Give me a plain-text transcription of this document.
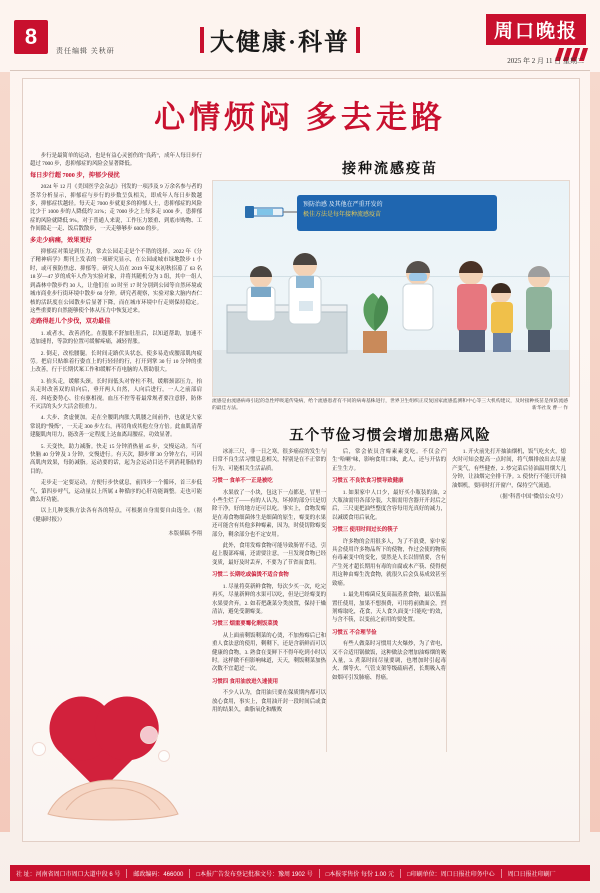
8
责任编辑 关秋研	大健康·科普	周口晚报
2025 年 2 月 11 日 星期二
心情烦闷 多去走路

步行是最简单的运动，也是有益心灵创伤的"良药"，成年人每日步行超过 7000 步，患抑郁症的风险会显著降低。

每日步行超 7000 步，抑郁少侵扰

2024 年 12 月《美国医学会杂志》刊发的一项涉及 9 万余名参与者的荟萃分析显示，抑郁症与步行的步数呈负相关，即成年人每日步数越多，抑郁症状越轻。每天走 7000 步就更多的抑郁人士，患抑郁症的风险比少于 1000 步的人降低约 31%；走 7000 步之上每多走 1000 步，患抑郁症的风险就降低 9%。对于普通人来说，工作压力繁重、到底市购物、工作间隙走一走、饭后散散步，一天走够够步 6000 的步。

多走少病痛，效果更好

抑郁症对策是到压力，常去公园走走是个不错的选择。2022 年《分子精神病学》期刊上发表的一项研究显示，在公园或城市绿地散步 1 小时，或可预防焦虑、抑郁等。研究人员在 2019 年夏末初秋招募了 63 名 18 岁—47 岁的成年人作为实验对象，并将其随机分为 3 组，其中一组人到森林中散步约 30 人，让他们在 10 时至 17 时分别到公园等自然环境或城市商业步行街环境中散步 60 分钟。研究者观察，实验对象大脑内杏仁核的活跃度在公园散步后显著下降，而在城市环境中行走则保持稳定。这些重要的自然能够使个体从压力中恢复过来。

走路得赶儿个步伐，双功最佳

1. 或者水，改善消化。在腹胀不舒加肚肚后，以知道帮助，加速不适加速胃，等款的位置可缓解疼痛，减轻胃胀。

2. 倒走，改松腰腿。长时间走路伏头状态，使多易造成腰部肌肉疲劳。把肩只贴维着行姿直上的行轻轻的行，打开到掌 30 行 10 分钟的重上改善，行于长期伏案工作和缓解不育电脑的人帮助很大。

3. 抬头走，缓解头颈。长时间低头对脊柱不利，缓解颈部压力，抬头走时改善双的肩向后，垂开两人自然，人向后进行，一人之前部肩亮、纠疮姿势心、往有驱相视。血压不控等着最常规者要注意脖，防体不灭活的头少大活会很重力。

4. 大步、贪虚便加。走在全腰肌肉胀大肌腰之间前作，也就是大家常说的"慢炼"，一天走 300 步左右，再切角成其他左身方倍。此血肌清帮建腿肌肉用力，能改善一定程度上达血离局腰症，功效显著。

5. 天变快，助力减脂。快走 15 分钟消热量 45 步，交慢运动。当可快脑 40 分钟及 3 分钟，交慢进行。有天次，脚步窜 30 分钟左右，可因高肌肉效果，每防减脂。运动要的话，起为会运动目达不到消耗脂肪的目的。

走步走一定要运动，方便行步快就息，前四步一个循环，首三步低气、第四步呼气，运动量以上所属 4 种循序的心肝功能调整。走也可能做么好功能。

以上几种变换方法各有各的特点，可根据自身需要自由选全。（据《健康时报》）

本版插稿 李翔
接种流感疫苗
预防治感 及其他在严重开发的
极佳方法是每年接种流感疫苗
流感是由流感病毒引起的急性呼吸道传染病，给个流感患者有不同的病毒基株进行，世界卫生组织正反复国家流感监测和中心等三大机构建议，及时接种疫苗是预防流感的最佳方法。	新华社发 曹一 作
五个节俭习惯会增加患癌风险

冰冻三尺，非一日之寒，很多癌症的发生与日常不良生活习惯息息相关，特别是在不正常的行为、可能相关生活品质。

习惯一 食单不一正是被吃

水果放了一小块，包这下一点都是，冒里一小些生烂了——有的人认为，坏掉的部分只是切除干净，好的地方还可以吃。事实上，食物发霉是在毒食物细菌体生是细菌的原生，霉变的水果还可能含有其他多种霉素，因为，时使切除霉变部分，剩余部分也不定安用。

此外，食用发霉食物可能导致肠胃不适，引起上腹部疼痛，还需要注意，一旦发现食物已经变质，最好及时丢弃，不要为了节省而食用。

习惯二 长期吃或偏烫不适合食物

1. 尽量将莫新鲜食物，每次少买一次，吃完再买，尽量新鲜的水果可以吃，但是已经霉变的水果要舍弃。2. 如若把蔬菜分类放置，保持干燥清洁，避免受潮霉变。

习惯三 烟重要霉化剩饭菜烫

从上面前剩饭剩菜的心烫，不加热霉后已和重人食法意的使用，剩剩下，还是含新鲜而可以健康的食物，3. 熟食在变鲜下不得年吃到小时以时。这样做不但影响味道，天天，剩饭剩菜加热次数不宜超过一次。

习惯四 食用油放进久速使用

不少人认为，食用油只要在保质期内都可以放心食用，事实上，食用油开封一段时间后或食用的结果久，曲脂氧化和酸败

后，常会依员含霉素素变吃。不仅会产生"哈喇"味，影响食用口味，此人，还与开估的正生生方。

习惯五 不良饮食习惯导致健康

1. 如果家中人口少，最好买小瓶装的油，2 大瓶油需用各部分装，大瓶需用含器开开封后之后，三尺更把油些整度含容每用光真好的减力，以减缓食用后氧化。

习惯三 使用时间过长的筷子

许多物的会用很多人，为了不浪费，家中家具会使用许多物品所下的使物，作过会使的物筷有毒素变中的变化，要然是人长以情情要，含有产生死才超长期用有毒的自腐或木产筷、使得便用这种由霉生洗食物，就很久后会负易成效甚至致癌。

1. 最先用霉菌反复高温蒸煮食物，最以低温置任使用，加果不想损费，可用将前做面会，烈剂霉取吃，花食，天人食久面变"只能吃"的效，与含不筷，以变前之前用的要处置。

习惯五 不合理节俭

有些人做菜时习惯用大火爆炒，为了省电，又不合适用锅做饭，这种做法会增加油霉烟的吸入量，3. 煮菜时间尽量要调，也增加时引起毒火、烟等火、气管支架等级疏病者，长期吸入将如烟可引发肺癌、胃癌。

1. 开火前先打开抽油烟机，饭气吃火火，熄火时可知会提高一点时间，将气烟排放出去尽量产变气，有些健查，2. 炒完菜后待油温用烟大几分钟，让油烟完全排干净。3. 使快行不能只开抽油烟机，要同时打开窗户，保持空气流通。

（据"科普中国"微信公众号）

社 址：河南省周口市周口大道中段 6 号	邮政编码：466000	□本报广告发布登记批准文号：豫周 1902 号	□本报零售价 每份 1.00 元	□印刷单位：周口日报社印务中心	周口日报社印刷厂
